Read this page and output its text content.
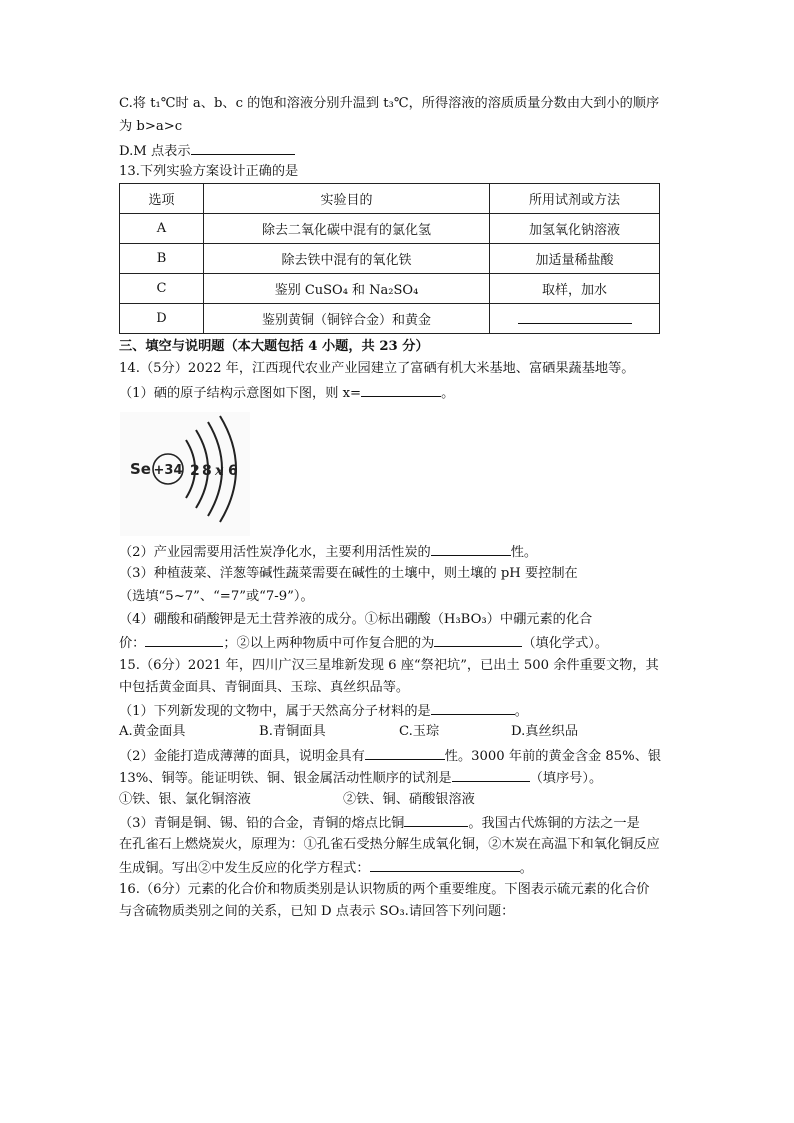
C.将 t₁℃时 a、b、c 的饱和溶液分别升温到 t₃℃，所得溶液的溶质质量分数由大到小的顺序
为 b>a>c
D.M 点表示
13.下列实验方案设计正确的是
选项	实验目的	所用试剂或方法
A	除去二氧化碳中混有的氯化氢	加氢氧化钠溶液
B	除去铁中混有的氧化铁	加适量稀盐酸
C	鉴别 CuSO₄ 和 Na₂SO₄	取样，加水
D	鉴别黄铜（铜锌合金）和黄金	
三、填空与说明题（本大题包括 4 小题，共 23 分）
14.（5分）2022 年，江西现代农业产业园建立了富硒有机大米基地、富硒果蔬基地等。
（1）硒的原子结构示意图如下图，则 x=	。
Se +34 2 8 x 6
（2）产业园需要用活性炭净化水，主要利用活性炭的	性。
（3）种植菠菜、洋葱等碱性蔬菜需要在碱性的土壤中，则土壤的 pH 要控制在
（选填“5~7”、“=7”或“7-9”）。
（4）硼酸和硝酸钾是无土营养液的成分。①标出硼酸（H₃BO₃）中硼元素的化合
价：	；②以上两种物质中可作复合肥的为	（填化学式）。
15.（6分）2021 年，四川广汉三星堆新发现 6 座“祭祀坑”，已出土 500 余件重要文物，其
中包括黄金面具、青铜面具、玉琮、真丝织品等。
（1）下列新发现的文物中，属于天然高分子材料的是	。
A.黄金面具	B.青铜面具	C.玉琮	D.真丝织品
（2）金能打造成薄薄的面具，说明金具有	性。3000 年前的黄金含金 85%、银
13%、铜等。能证明铁、铜、银金属活动性顺序的试剂是	（填序号）。
①铁、银、氯化铜溶液	②铁、铜、硝酸银溶液
（3）青铜是铜、锡、铅的合金，青铜的熔点比铜	。我国古代炼铜的方法之一是
在孔雀石上燃烧炭火，原理为：①孔雀石受热分解生成氧化铜，②木炭在高温下和氧化铜反应
生成铜。写出②中发生反应的化学方程式：	。
16.（6分）元素的化合价和物质类别是认识物质的两个重要维度。下图表示硫元素的化合价
与含硫物质类别之间的关系，已知 D 点表示 SO₃.请回答下列问题：
